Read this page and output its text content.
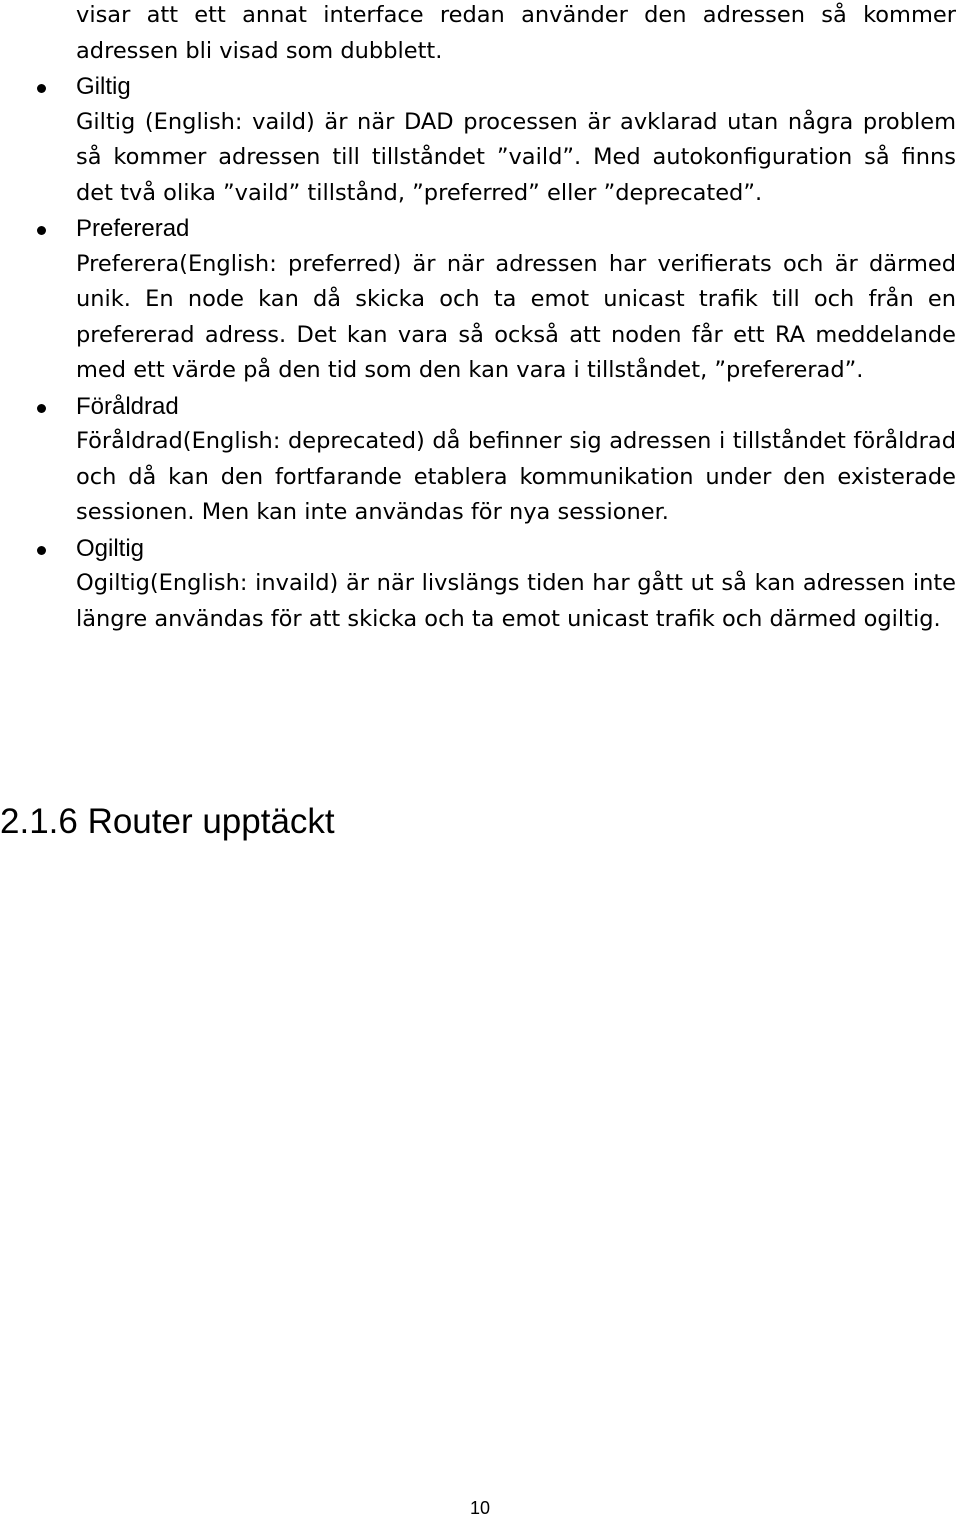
visar att ett annat interface redan använder den adressen så kommer adressen bli visad som dubblett.

Giltig

Giltig (English: vaild) är när DAD processen är avklarad utan några problem så kommer adressen till tillståndet ”vaild”. Med autokonfiguration så finns det två olika ”vaild” tillstånd, ”preferred” eller ”deprecated”.

Prefererad

Preferera(English: preferred) är när adressen har verifierats och är därmed unik. En node kan då skicka och ta emot unicast trafik till och från en prefererad adress. Det kan vara så också att noden får ett RA meddelande med ett värde på den tid som den kan vara i tillståndet, ”prefererad”.

Föråldrad

Föråldrad(English: deprecated) då befinner sig adressen i tillståndet föråldrad och då kan den fortfarande etablera kommunikation under den existerade sessionen. Men kan inte användas för nya sessioner.

Ogiltig

Ogiltig(English: invaild) är när livslängs tiden har gått ut så kan adressen inte längre användas för att skicka och ta emot unicast trafik och därmed ogiltig.

2.1.6 Router upptäckt
10
